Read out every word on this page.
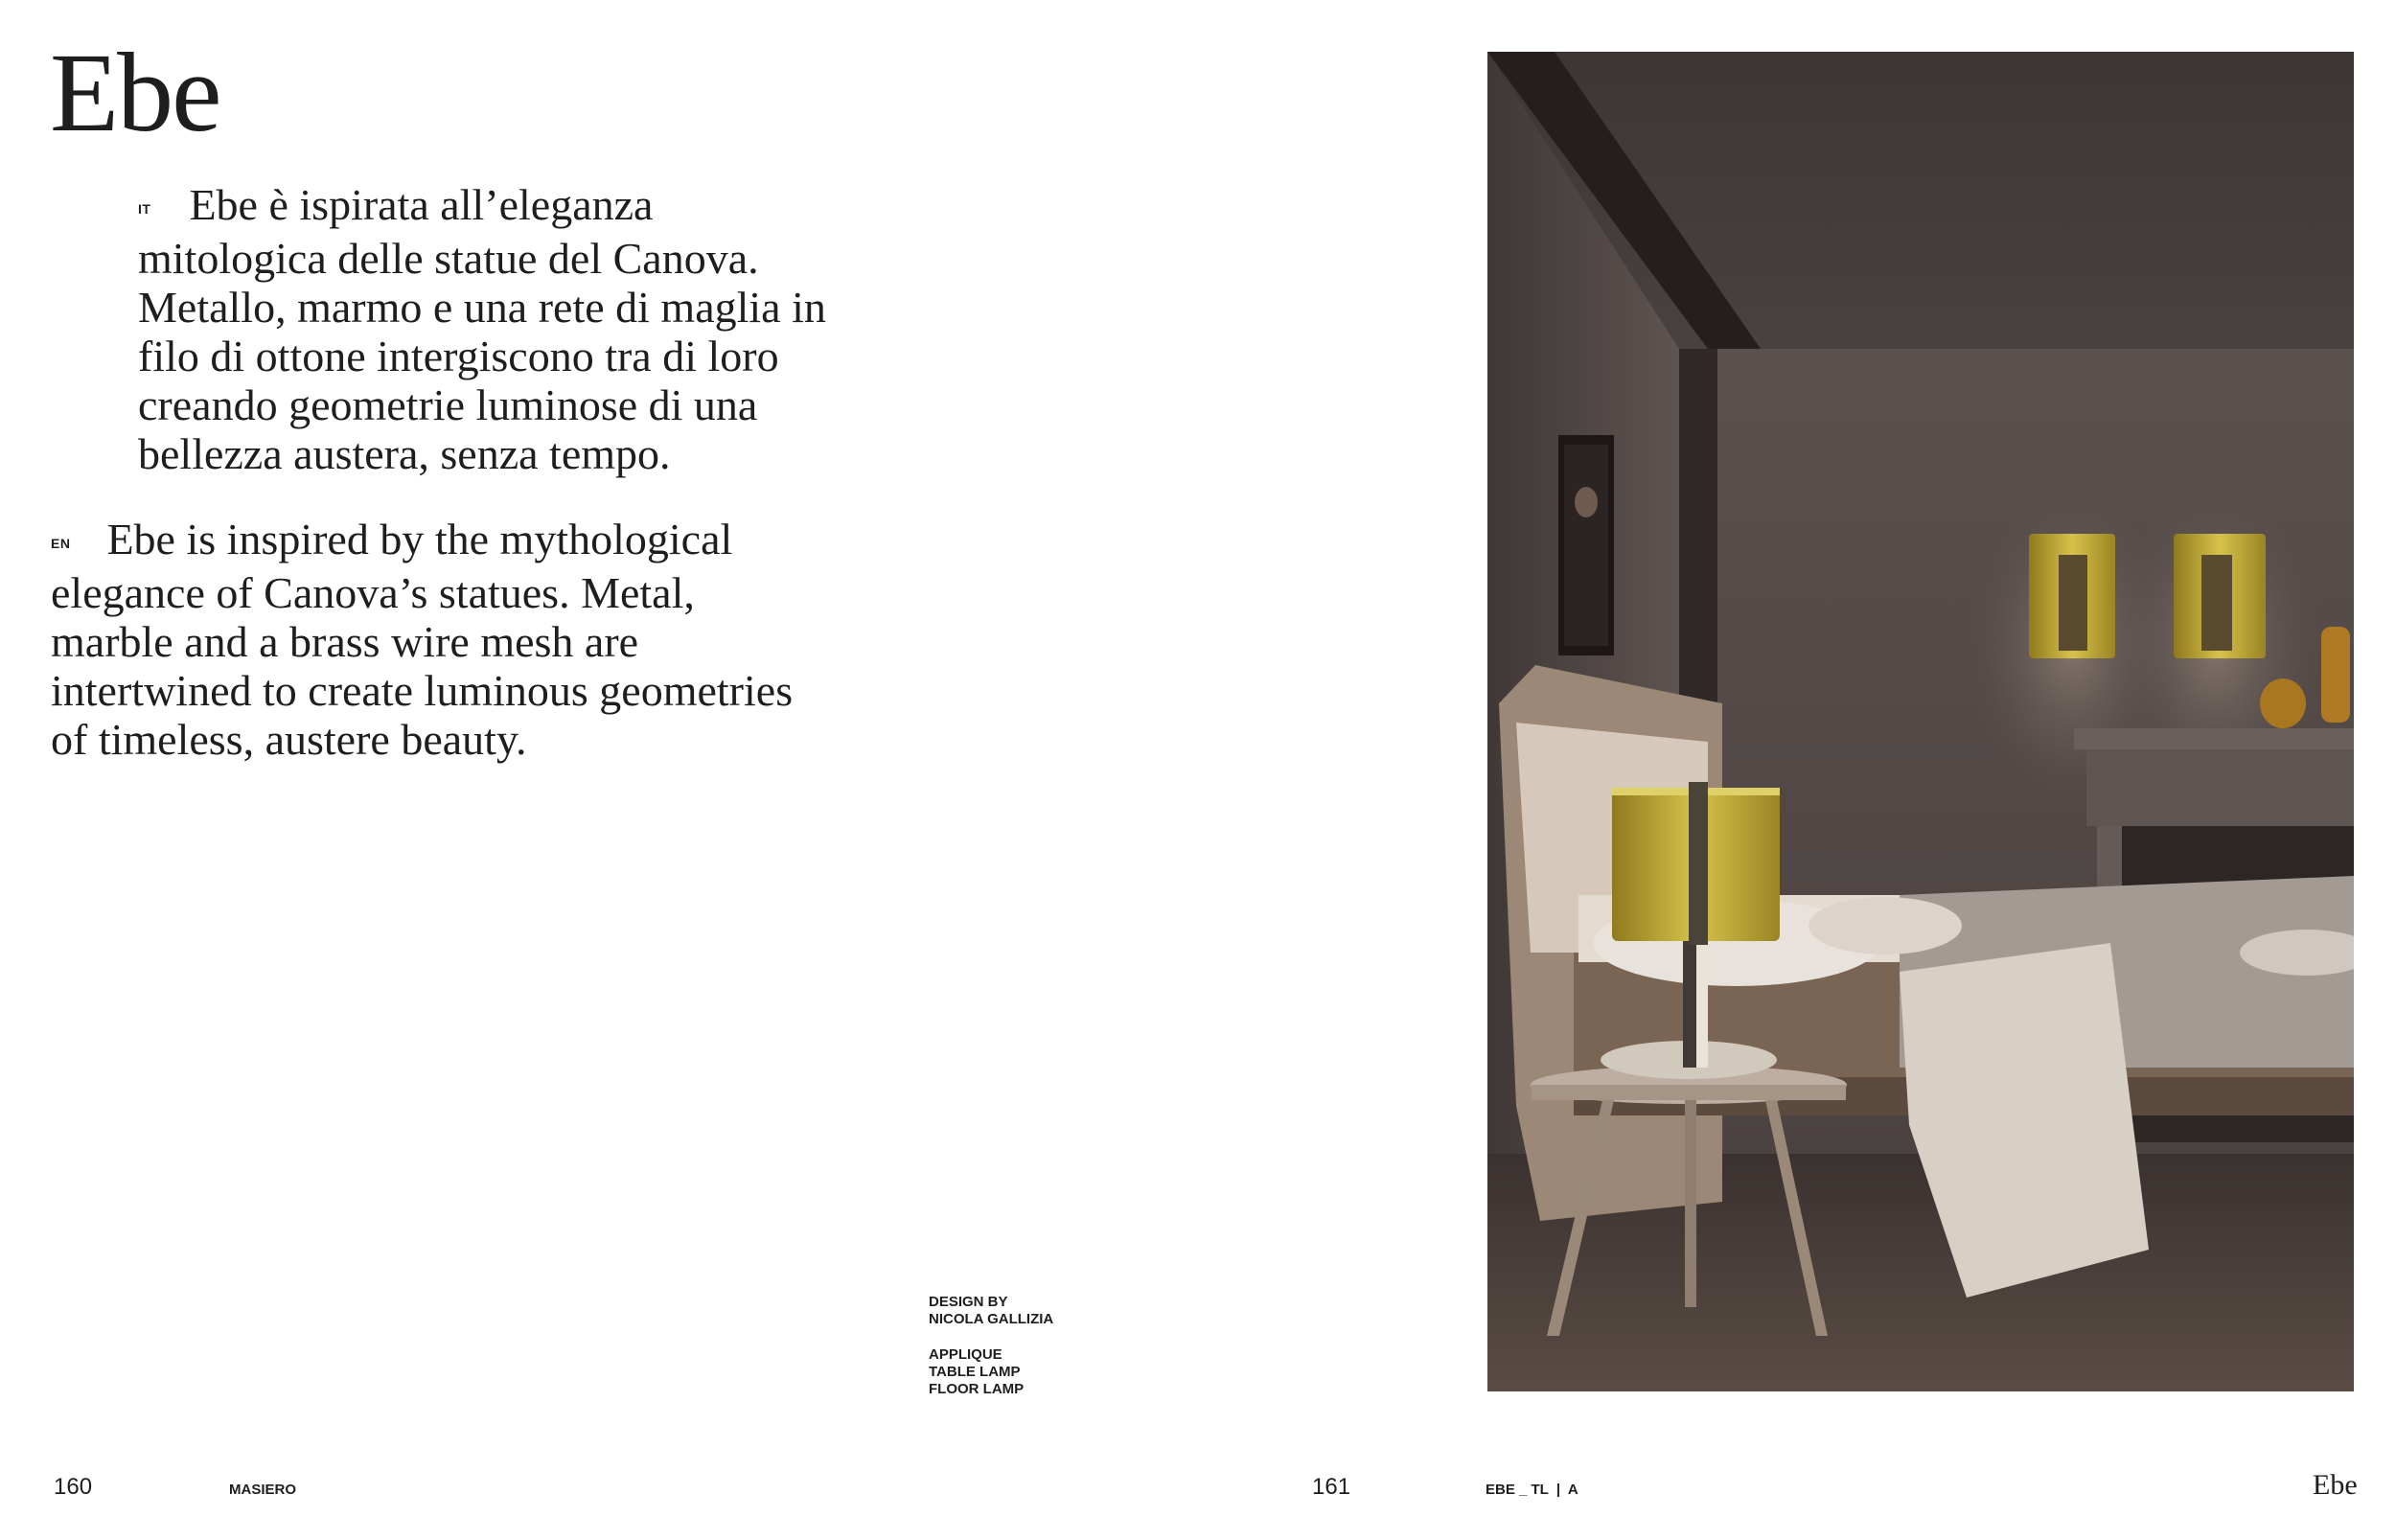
Ebe
IT Ebe è ispirata all’eleganza mitologica delle statue del Canova. Metallo, marmo e una rete di maglia in filo di ottone intergiscono tra di loro creando geometrie luminose di una bellezza austera, senza tempo.
EN Ebe is inspired by the mythological elegance of Canova’s statues. Metal, marble and a brass wire mesh are intertwined to create luminous geometries of timeless, austere beauty.
DESIGN BY
NICOLA GALLIZIA
APPLIQUE
TABLE LAMP
FLOOR LAMP
160	MASIERO	161	EBE _ TL  |  A	Ebe
